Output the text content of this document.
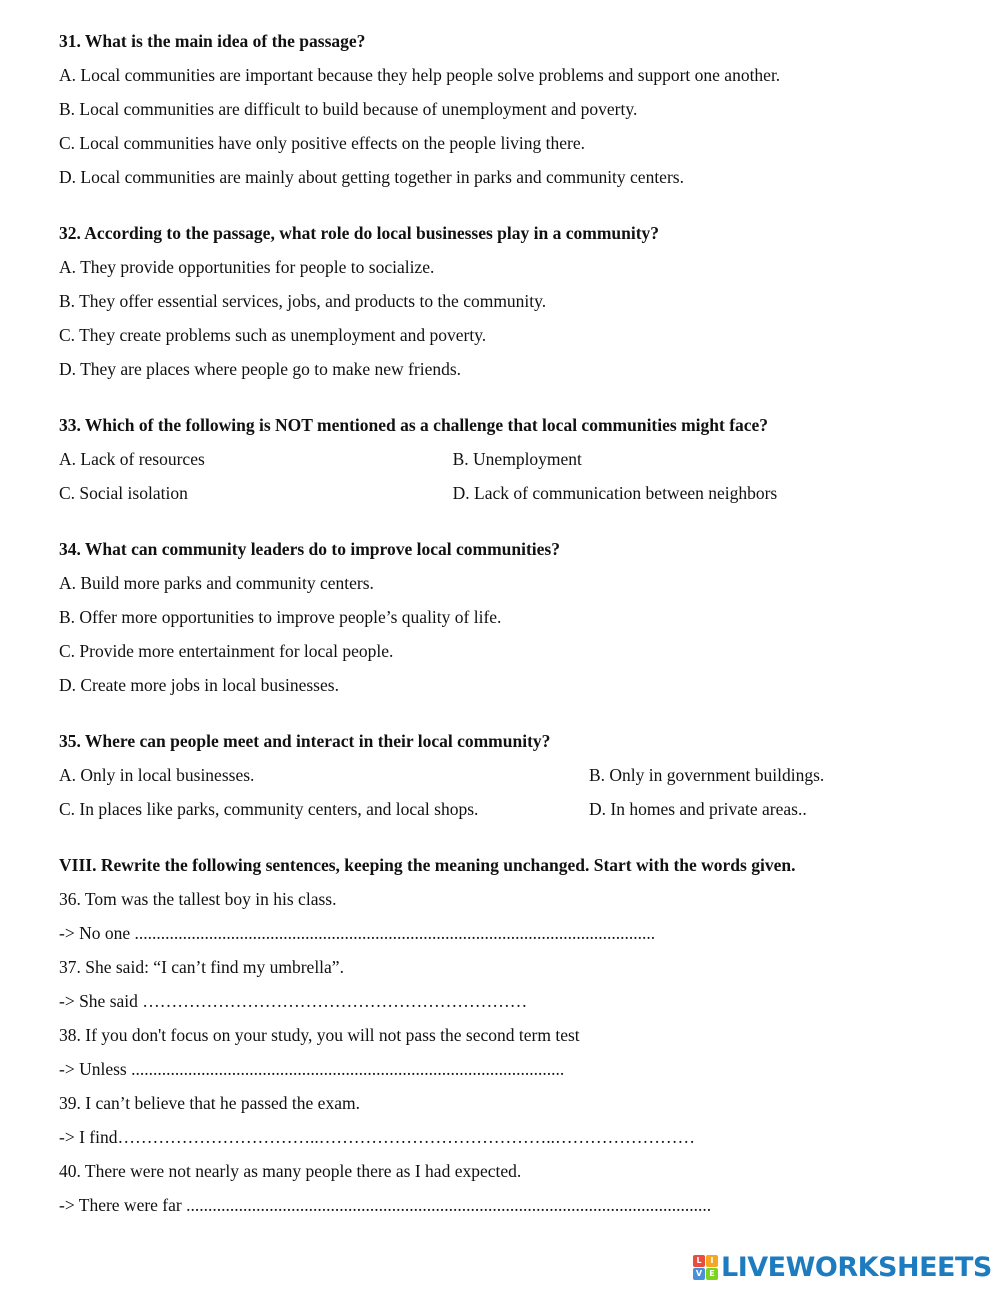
31. What is the main idea of the passage?
A. Local communities are important because they help people solve problems and support one another.
B. Local communities are difficult to build because of unemployment and poverty.
C. Local communities have only positive effects on the people living there.
D. Local communities are mainly about getting together in parks and community centers.
32. According to the passage, what role do local businesses play in a community?
A. They provide opportunities for people to socialize.
B. They offer essential services, jobs, and products to the community.
C. They create problems such as unemployment and poverty.
D. They are places where people go to make new friends.
33. Which of the following is NOT mentioned as a challenge that local communities might face?
A. Lack of resources	B. Unemployment
C. Social isolation	D. Lack of communication between neighbors
34. What can community leaders do to improve local communities?
A. Build more parks and community centers.
B. Offer more opportunities to improve people’s quality of life.
C. Provide more entertainment for local people.
D. Create more jobs in local businesses.
35. Where can people meet and interact in their local community?
A. Only in local businesses.	B. Only in government buildings.
C. In places like parks, community centers, and local shops.	D. In homes and private areas..
VIII. Rewrite the following sentences, keeping the meaning unchanged. Start with the words given.
36. Tom was the tallest boy in his class.
-> No one .......................................................................................................................
37. She said: “I can’t find my umbrella”.
-> She said …………………………………………………………
38. If you don't focus on your study, you will not pass the second term test
-> Unless ...................................................................................................
39. I can’t believe that he passed the exam.
-> I find……………………………..…………………………………..……………………
40. There were not nearly as many people there as I had expected.
-> There were far ........................................................................................................................
L	I
V E LIVEWORKSHEETS
